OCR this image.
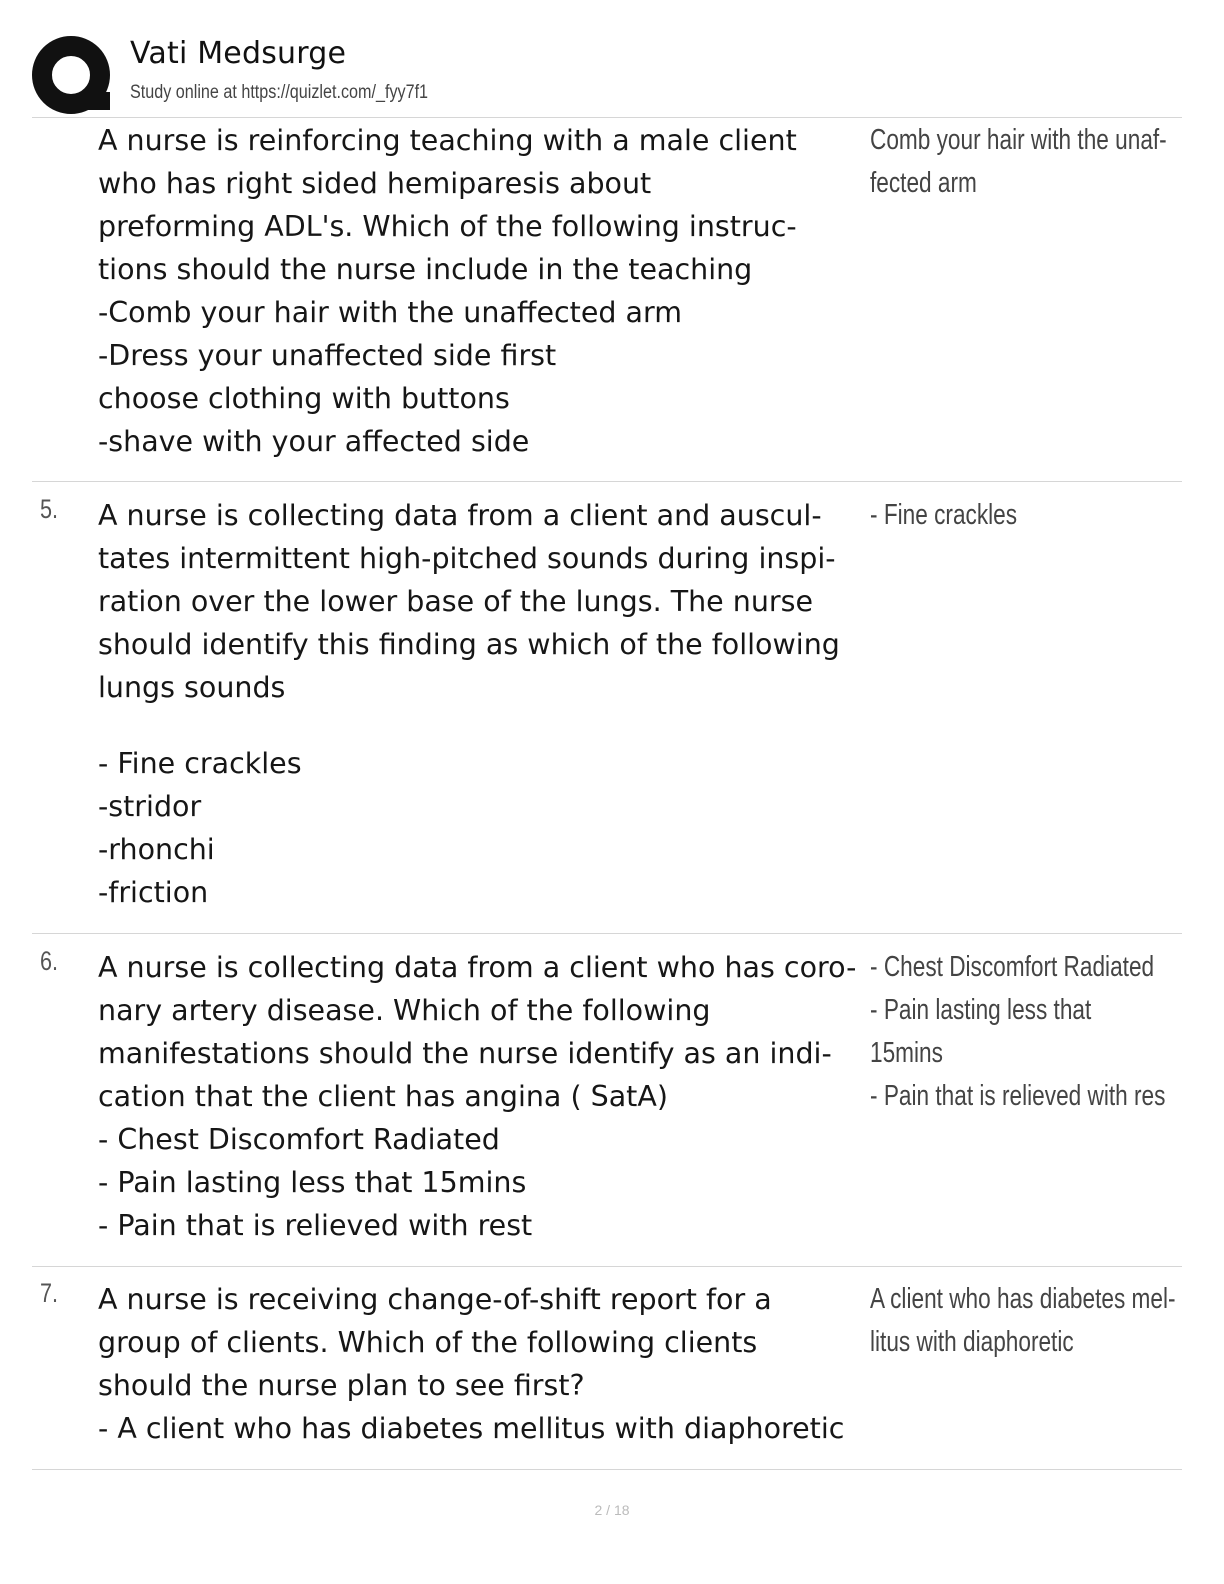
Vati Medsurge
Study online at https://quizlet.com/_fyy7f1
A nurse is reinforcing teaching with a male client
who has right sided hemiparesis about
preforming ADL's. Which of the following instruc-
tions should the nurse include in the teaching
-Comb your hair with the unaffected arm
-Dress your unaffected side first
choose clothing with buttons
-shave with your affected side
Comb your hair with the unaf-
fected arm
5. A nurse is collecting data from a client and auscul-
tates intermittent high-pitched sounds during inspi-
ration over the lower base of the lungs. The nurse
should identify this finding as which of the following
lungs sounds
- Fine crackles
-stridor
-rhonchi
-friction
- Fine crackles
6. A nurse is collecting data from a client who has coro-
nary artery disease. Which of the following
manifestations should the nurse identify as an indi-
cation that the client has angina ( SatA)
- Chest Discomfort Radiated
- Pain lasting less that 15mins
- Pain that is relieved with rest
- Chest Discomfort Radiated
- Pain lasting less that
15mins
- Pain that is relieved with res
7. A nurse is receiving change-of-shift report for a
group of clients. Which of the following clients
should the nurse plan to see first?
- A client who has diabetes mellitus with diaphoretic
A client who has diabetes mel-
litus with diaphoretic
2 / 18
